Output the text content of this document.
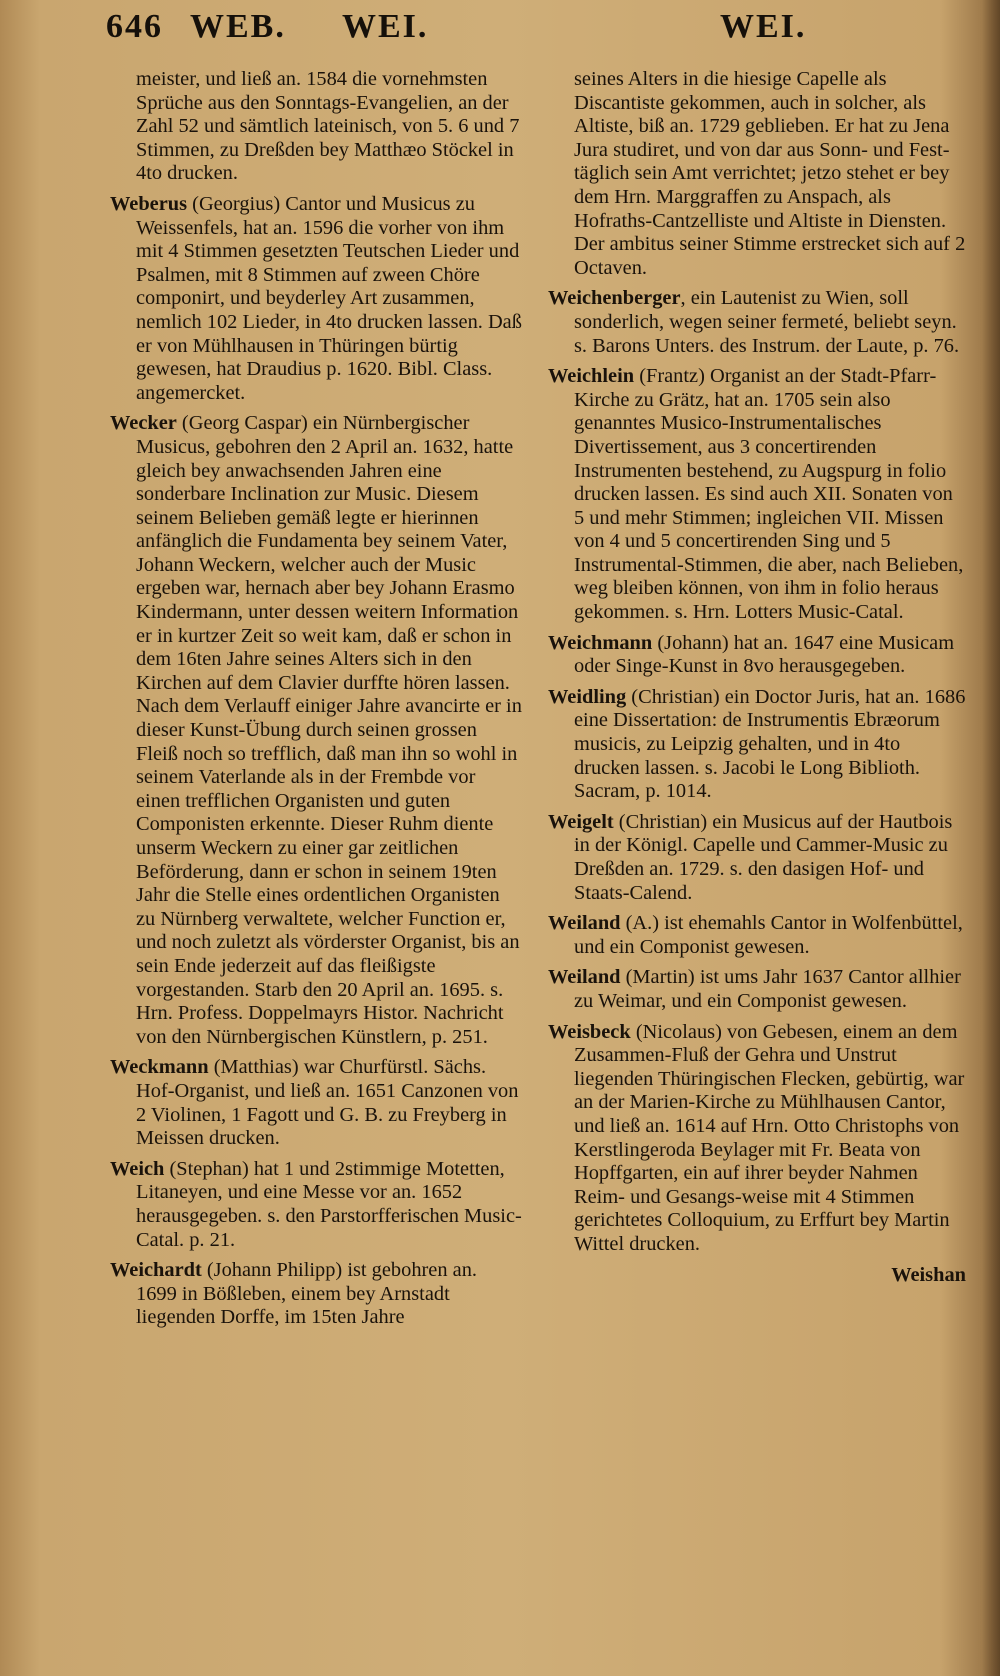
646 WEB. WEI.	WEI.

meister, und ließ an. 1584 die vornehmsten Sprüche aus den Sonntags-Evangelien, an der Zahl 52 und sämtlich lateinisch, von 5. 6 und 7 Stimmen, zu Dreßden bey Matthæo Stöckel in 4to drucken.

Weberus (Georgius) Cantor und Musicus zu Weissenfels, hat an. 1596 die vorher von ihm mit 4 Stimmen gesetzten Teutschen Lieder und Psalmen, mit 8 Stimmen auf zween Chöre componirt, und beyderley Art zusammen, nemlich 102 Lieder, in 4to drucken lassen. Daß er von Mühlhausen in Thüringen bürtig gewesen, hat Draudius p. 1620. Bibl. Class. angemercket.

Wecker (Georg Caspar) ein Nürnbergischer Musicus, gebohren den 2 April an. 1632, hatte gleich bey anwachsenden Jahren eine sonderbare Inclination zur Music. Diesem seinem Belieben gemäß legte er hierinnen anfänglich die Fundamenta bey seinem Vater, Johann Weckern, welcher auch der Music ergeben war, hernach aber bey Johann Erasmo Kindermann, unter dessen weitern Information er in kurtzer Zeit so weit kam, daß er schon in dem 16ten Jahre seines Alters sich in den Kirchen auf dem Clavier durffte hören lassen. Nach dem Verlauff einiger Jahre avancirte er in dieser Kunst-Übung durch seinen grossen Fleiß noch so trefflich, daß man ihn so wohl in seinem Vaterlande als in der Frembde vor einen trefflichen Organisten und guten Componisten erkennte. Dieser Ruhm diente unserm Weckern zu einer gar zeitlichen Beförderung, dann er schon in seinem 19ten Jahr die Stelle eines ordentlichen Organisten zu Nürnberg verwaltete, welcher Function er, und noch zuletzt als vörderster Organist, bis an sein Ende jederzeit auf das fleißigste vorgestanden. Starb den 20 April an. 1695. s. Hrn. Profess. Doppelmayrs Histor. Nachricht von den Nürnbergischen Künstlern, p. 251.

Weckmann (Matthias) war Churfürstl. Sächs. Hof-Organist, und ließ an. 1651 Canzonen von 2 Violinen, 1 Fagott und G. B. zu Freyberg in Meissen drucken.

Weich (Stephan) hat 1 und 2stimmige Motetten, Litaneyen, und eine Messe vor an. 1652 herausgegeben. s. den Parstorfferischen Music-Catal. p. 21.

Weichardt (Johann Philipp) ist gebohren an. 1699 in Bößleben, einem bey Arnstadt liegenden Dorffe, im 15ten Jahre

seines Alters in die hiesige Capelle als Discantiste gekommen, auch in solcher, als Altiste, biß an. 1729 geblieben. Er hat zu Jena Jura studiret, und von dar aus Sonn- und Fest-täglich sein Amt verrichtet; jetzo stehet er bey dem Hrn. Marggraffen zu Anspach, als Hofraths-Cantzelliste und Altiste in Diensten. Der ambitus seiner Stimme erstrecket sich auf 2 Octaven.

Weichenberger, ein Lautenist zu Wien, soll sonderlich, wegen seiner fermeté, beliebt seyn. s. Barons Unters. des Instrum. der Laute, p. 76.

Weichlein (Frantz) Organist an der Stadt-Pfarr-Kirche zu Grätz, hat an. 1705 sein also genanntes Musico-Instrumentalisches Divertissement, aus 3 concertirenden Instrumenten bestehend, zu Augspurg in folio drucken lassen. Es sind auch XII. Sonaten von 5 und mehr Stimmen; ingleichen VII. Missen von 4 und 5 concertirenden Sing und 5 Instrumental-Stimmen, die aber, nach Belieben, weg bleiben können, von ihm in folio heraus gekommen. s. Hrn. Lotters Music-Catal.

Weichmann (Johann) hat an. 1647 eine Musicam oder Singe-Kunst in 8vo herausgegeben.

Weidling (Christian) ein Doctor Juris, hat an. 1686 eine Dissertation: de Instrumentis Ebræorum musicis, zu Leipzig gehalten, und in 4to drucken lassen. s. Jacobi le Long Biblioth. Sacram, p. 1014.

Weigelt (Christian) ein Musicus auf der Hautbois in der Königl. Capelle und Cammer-Music zu Dreßden an. 1729. s. den dasigen Hof- und Staats-Calend.

Weiland (A.) ist ehemahls Cantor in Wolfenbüttel, und ein Componist gewesen.

Weiland (Martin) ist ums Jahr 1637 Cantor allhier zu Weimar, und ein Componist gewesen.

Weisbeck (Nicolaus) von Gebesen, einem an dem Zusammen-Fluß der Gehra und Unstrut liegenden Thüringischen Flecken, gebürtig, war an der Marien-Kirche zu Mühlhausen Cantor, und ließ an. 1614 auf Hrn. Otto Christophs von Kerstlingeroda Beylager mit Fr. Beata von Hopffgarten, ein auf ihrer beyder Nahmen Reim- und Gesangs-weise mit 4 Stimmen gerichtetes Colloquium, zu Erffurt bey Martin Wittel drucken.

Weishan
